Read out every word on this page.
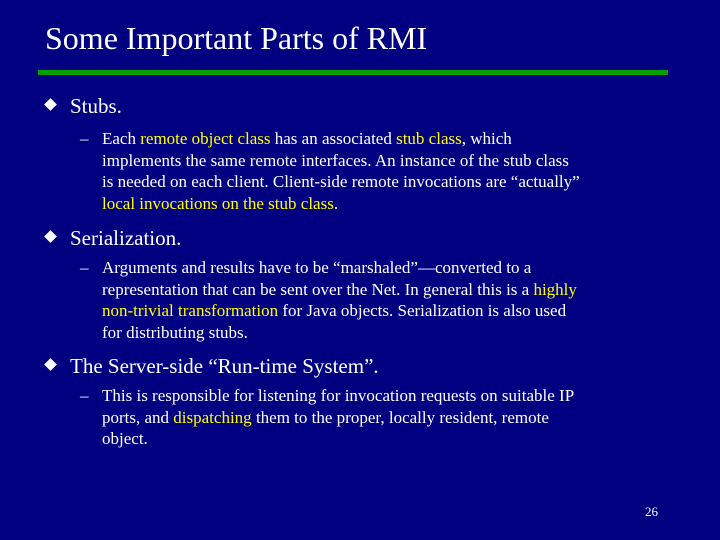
Some Important Parts of RMI
Stubs.
– Each remote object class has an associated stub class, which
implements the same remote interfaces. An instance of the stub class
is needed on each client. Client-side remote invocations are “actually”
local invocations on the stub class.
Serialization.
– Arguments and results have to be “marshaled”—converted to a
representation that can be sent over the Net. In general this is a highly
non-trivial transformation for Java objects. Serialization is also used
for distributing stubs.
The Server-side “Run-time System”.
– This is responsible for listening for invocation requests on suitable IP
ports, and dispatching them to the proper, locally resident, remote
object.
26
